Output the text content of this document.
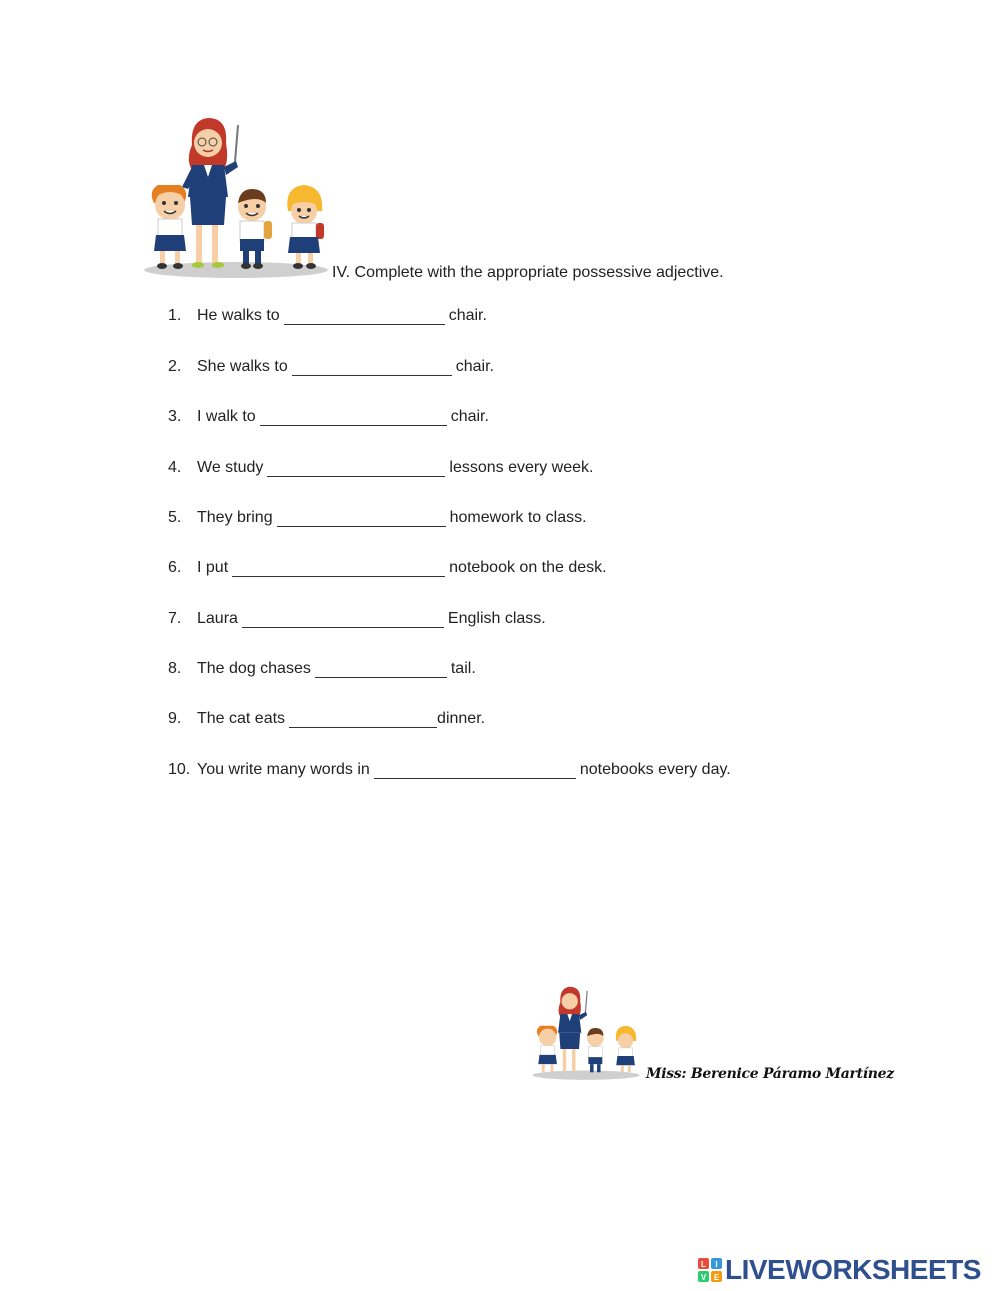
IV. Complete with the appropriate possessive adjective.
1. He walks to	chair.
2. She walks to	chair.
3. I walk to	chair.
4. We study	lessons every week.
5. They bring	homework to class.
6. I put	notebook on the desk.
7. Laura	English class.
8. The dog chases	tail.
9. The cat eats	dinner.
10. You write many words in	notebooks every day.
Miss: Berenice Páramo Martínez
L I
V E LIVEWORKSHEETS
